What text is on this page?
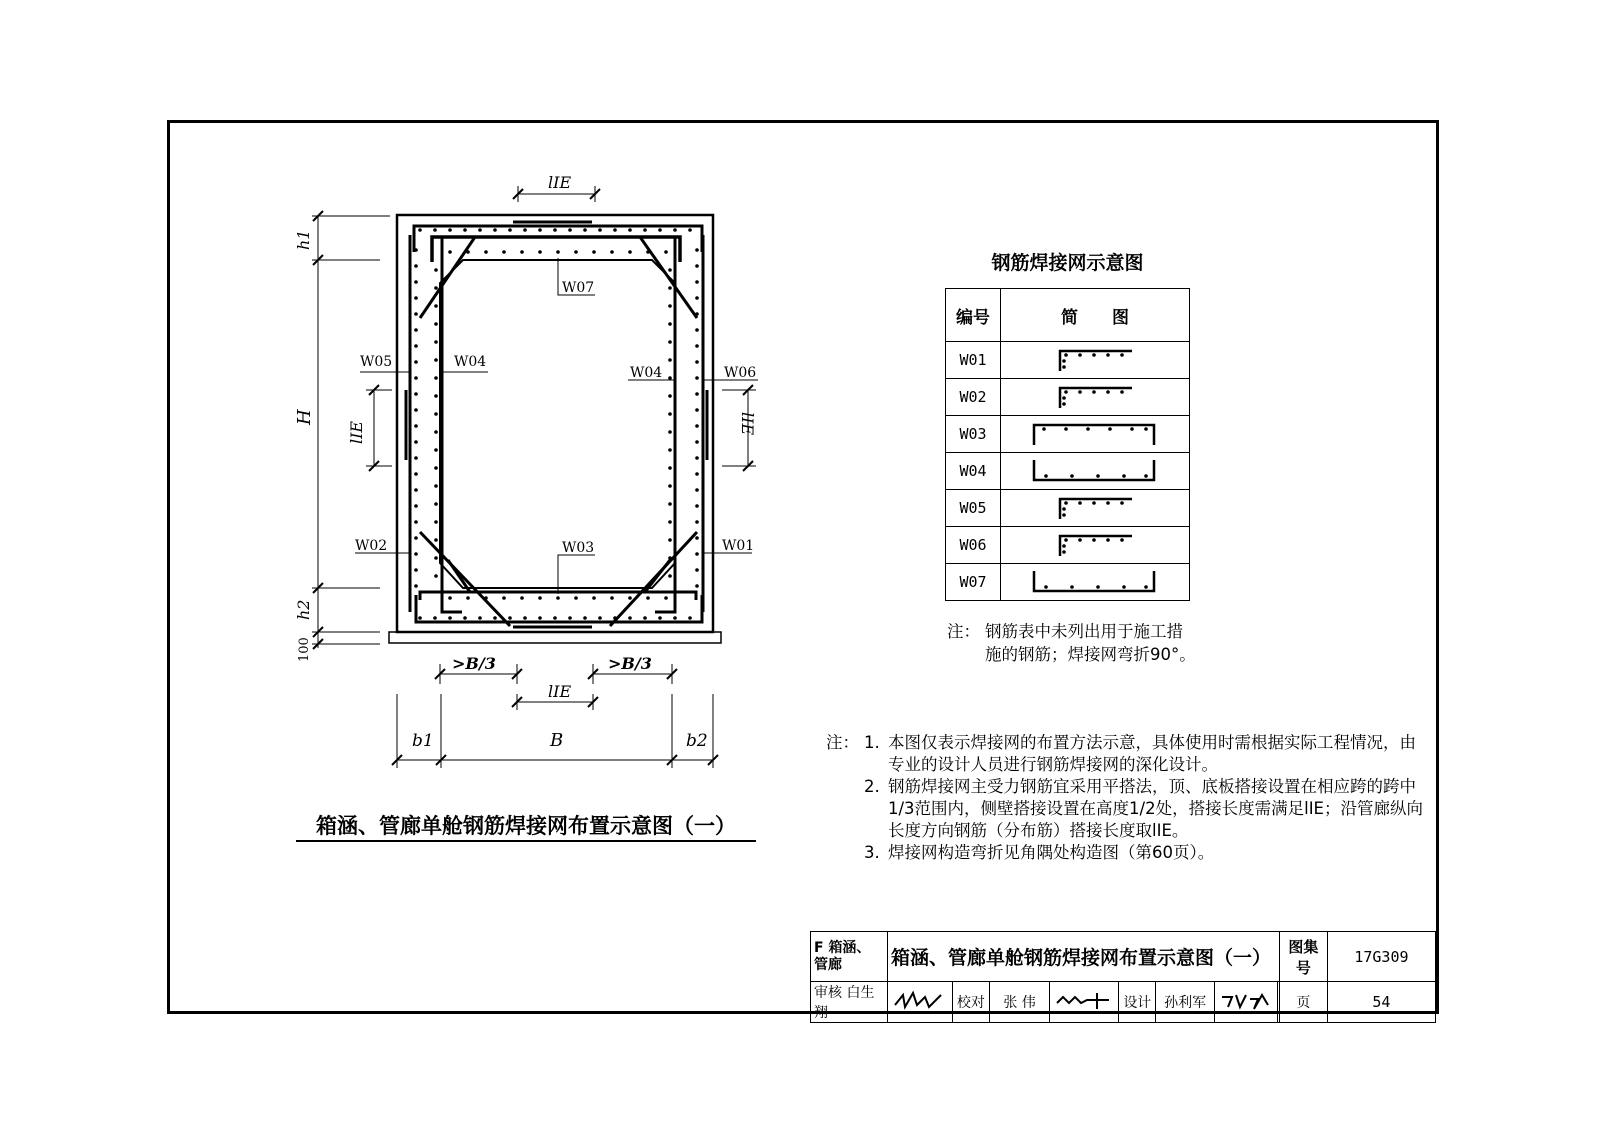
lIE
h1
H
h2
100
lIE	lIE
W05	W04
W07
W04	W06
W02	W03	W01
>B/3	>B/3
lIE
b1	B	b2
箱涵、管廊单舱钢筋焊接网布置示意图（一）
钢筋焊接网示意图
编号	简　　图
W01	

W02	

W03	

W04	

W05	

W06	

W07	
注： 钢筋表中未列出用于施工措
施的钢筋；焊接网弯折90°。
注： 1. 本图仅表示焊接网的布置方法示意，具体使用时需根据实际工程情况，由专业的设计人员进行钢筋焊接网的深化设计。
2. 钢筋焊接网主受力钢筋宜采用平搭法，顶、底板搭接设置在相应跨的跨中1/3范围内，侧壁搭接设置在高度1/2处，搭接长度需满足lIE；沿管廊纵向长度方向钢筋（分布筋）搭接长度取lIE。
3. 焊接网构造弯折见角隅处构造图（第60页）。
F 箱涵、管廊	箱涵、管廊单舱钢筋焊接网布置示意图（一）								图集号	17G309
审核 白生翔		校对	张 伟		设计	孙利军			页	54
